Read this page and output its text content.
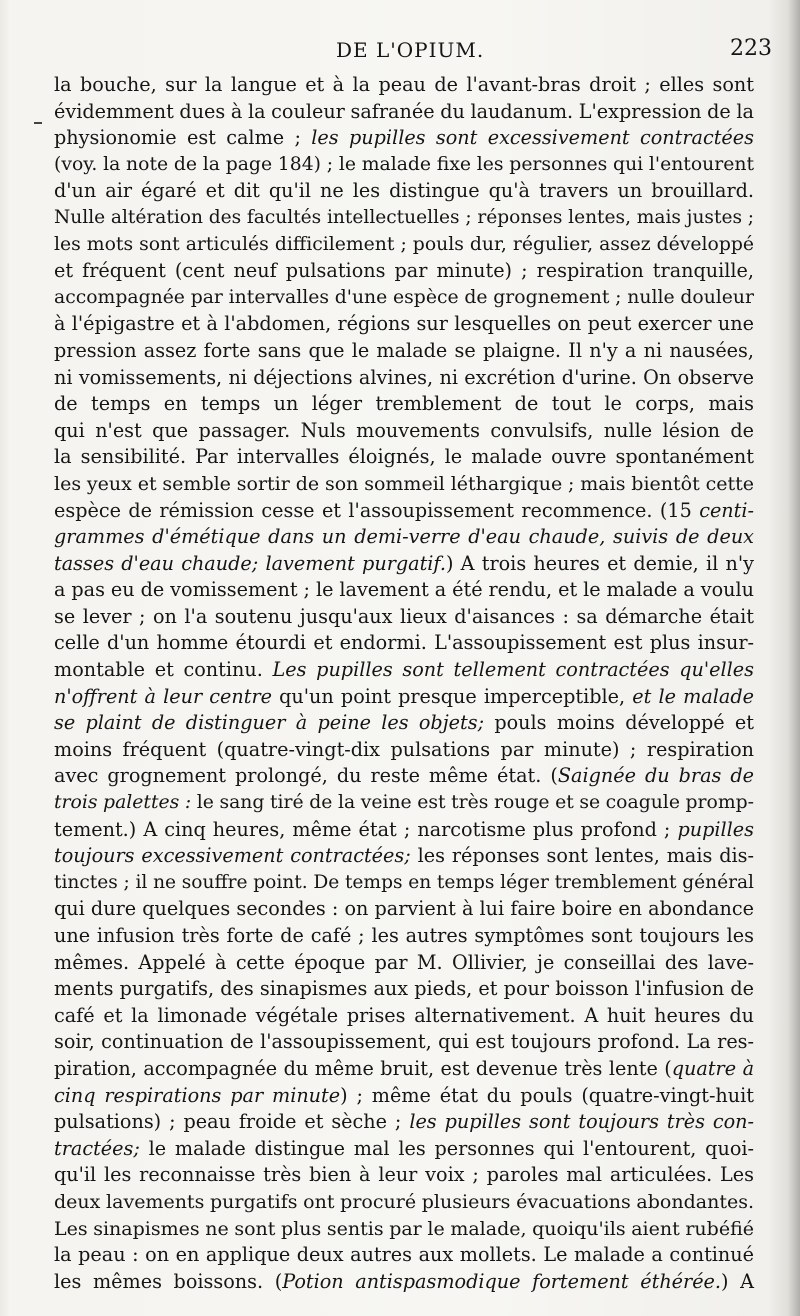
DE L'OPIUM.	223
la bouche, sur la langue et à la peau de l'avant-bras droit ; elles sont
évidemment dues à la couleur safranée du laudanum. L'expression de la
physionomie est calme ; les pupilles sont excessivement contractées
(voy. la note de la page 184) ; le malade fixe les personnes qui l'entourent
d'un air égaré et dit qu'il ne les distingue qu'à travers un brouillard.
Nulle altération des facultés intellectuelles ; réponses lentes, mais justes ;
les mots sont articulés difficilement ; pouls dur, régulier, assez développé
et fréquent (cent neuf pulsations par minute) ; respiration tranquille,
accompagnée par intervalles d'une espèce de grognement ; nulle douleur
à l'épigastre et à l'abdomen, régions sur lesquelles on peut exercer une
pression assez forte sans que le malade se plaigne. Il n'y a ni nausées,
ni vomissements, ni déjections alvines, ni excrétion d'urine. On observe
de temps en temps un léger tremblement de tout le corps, mais
qui n'est que passager. Nuls mouvements convulsifs, nulle lésion de
la sensibilité. Par intervalles éloignés, le malade ouvre spontanément
les yeux et semble sortir de son sommeil léthargique ; mais bientôt cette
espèce de rémission cesse et l'assoupissement recommence. (15 centi-
grammes d'émétique dans un demi-verre d'eau chaude, suivis de deux
tasses d'eau chaude; lavement purgatif.) A trois heures et demie, il n'y
a pas eu de vomissement ; le lavement a été rendu, et le malade a voulu
se lever ; on l'a soutenu jusqu'aux lieux d'aisances : sa démarche était
celle d'un homme étourdi et endormi. L'assoupissement est plus insur-
montable et continu. Les pupilles sont tellement contractées qu'elles
n'offrent à leur centre qu'un point presque imperceptible, et le malade
se plaint de distinguer à peine les objets; pouls moins développé et
moins fréquent (quatre-vingt-dix pulsations par minute) ; respiration
avec grognement prolongé, du reste même état. (Saignée du bras de
trois palettes : le sang tiré de la veine est très rouge et se coagule promp-
tement.) A cinq heures, même état ; narcotisme plus profond ; pupilles
toujours excessivement contractées; les réponses sont lentes, mais dis-
tinctes ; il ne souffre point. De temps en temps léger tremblement général
qui dure quelques secondes : on parvient à lui faire boire en abondance
une infusion très forte de café ; les autres symptômes sont toujours les
mêmes. Appelé à cette époque par M. Ollivier, je conseillai des lave-
ments purgatifs, des sinapismes aux pieds, et pour boisson l'infusion de
café et la limonade végétale prises alternativement. A huit heures du
soir, continuation de l'assoupissement, qui est toujours profond. La res-
piration, accompagnée du même bruit, est devenue très lente (quatre à
cinq respirations par minute) ; même état du pouls (quatre-vingt-huit
pulsations) ; peau froide et sèche ; les pupilles sont toujours très con-
tractées; le malade distingue mal les personnes qui l'entourent, quoi-
qu'il les reconnaisse très bien à leur voix ; paroles mal articulées. Les
deux lavements purgatifs ont procuré plusieurs évacuations abondantes.
Les sinapismes ne sont plus sentis par le malade, quoiqu'ils aient rubéfié
la peau : on en applique deux autres aux mollets. Le malade a continué
les mêmes boissons. (Potion antispasmodique fortement éthérée.) A
